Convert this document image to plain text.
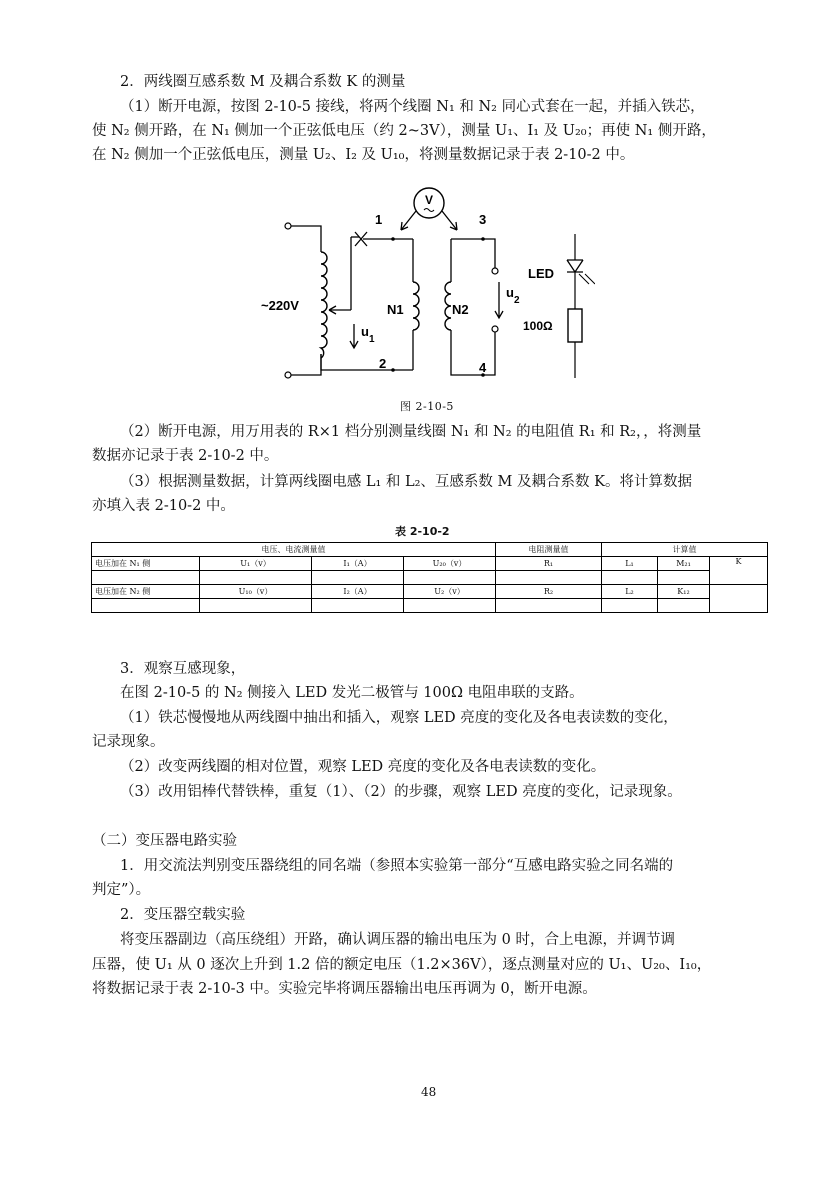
2．两线圈互感系数 M 及耦合系数 K 的测量
（1）断开电源，按图 2-10-5 接线，将两个线圈 N₁ 和 N₂ 同心式套在一起，并插入铁芯，
使 N₂ 侧开路，在 N₁ 侧加一个正弦低电压（约 2~3V），测量 U₁、I₁ 及 U₂₀；再使 N₁ 侧开路，
在 N₂ 侧加一个正弦低电压，测量 U₂、I₂ 及 U₁₀，将测量数据记录于表 2-10-2 中。
V
~220V
1	3
2	4
N1	N2
u
1
u
2
LED
100Ω
图 2-10-5
（2）断开电源，用万用表的 R×1 档分别测量线圈 N₁ 和 N₂ 的电阻值 R₁ 和 R₂，，将测量
数据亦记录于表 2-10-2 中。
（3）根据测量数据，计算两线圈电感 L₁ 和 L₂、互感系数 M 及耦合系数 K。将计算数据
亦填入表 2-10-2 中。
表 2-10-2
电压、电流测量值				电阻测量值	计算值		
电压加在 N₁ 侧	U₁（v）	I₁（A）	U₂₀（v）	R₁	L₁	M₂₁	K

电压加在 N₂ 侧	U₁₀（v）	I₂（A）	U₂（v）	R₂	L₂	K₁₂	

3．观察互感现象，
在图 2-10-5 的 N₂ 侧接入 LED 发光二极管与 100Ω 电阻串联的支路。
（1）铁芯慢慢地从两线圈中抽出和插入，观察 LED 亮度的变化及各电表读数的变化，
记录现象。
（2）改变两线圈的相对位置，观察 LED 亮度的变化及各电表读数的变化。
（3）改用铝棒代替铁棒，重复（1）、（2）的步骤，观察 LED 亮度的变化，记录现象。
（二）变压器电路实验
1．用交流法判别变压器绕组的同名端（参照本实验第一部分“互感电路实验之同名端的
判定”）。
2．变压器空载实验
将变压器副边（高压绕组）开路，确认调压器的输出电压为 0 时，合上电源，并调节调
压器，使 U₁ 从 0 逐次上升到 1.2 倍的额定电压（1.2×36V），逐点测量对应的 U₁、U₂₀、I₁₀，
将数据记录于表 2-10-3 中。实验完毕将调压器输出电压再调为 0，断开电源。
48
